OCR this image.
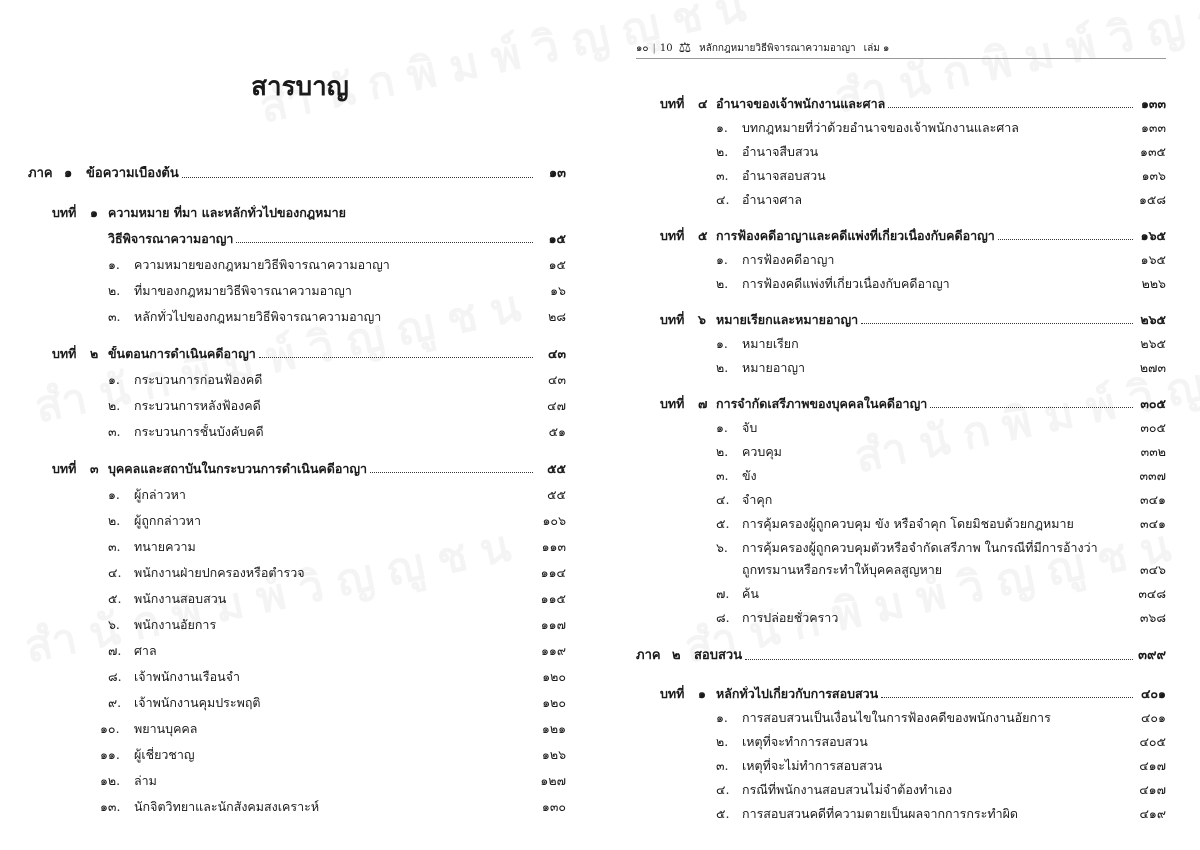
สารบาญ
ภาค ๑	ข้อความเบื้องต้น	๑๓
บทที่	๑ ความหมาย ที่มา และหลักทั่วไปของกฎหมาย
วิธีพิจารณาความอาญา	๑๕
๑.	ความหมายของกฎหมายวิธีพิจารณาความอาญา	๑๕
๒.	ที่มาของกฎหมายวิธีพิจารณาความอาญา	๑๖
๓.	หลักทั่วไปของกฎหมายวิธีพิจารณาความอาญา	๒๘
บทที่	๒ ขั้นตอนการดำเนินคดีอาญา	๔๓
๑.	กระบวนการก่อนฟ้องคดี	๔๓
๒.	กระบวนการหลังฟ้องคดี	๔๗
๓.	กระบวนการชั้นบังคับคดี	๕๑
บทที่	๓ บุคคลและสถาบันในกระบวนการดำเนินคดีอาญา	๕๕
๑.	ผู้กล่าวหา	๕๕
๒.	ผู้ถูกกล่าวหา	๑๐๖
๓.	ทนายความ	๑๑๓
๔.	พนักงานฝ่ายปกครองหรือตำรวจ	๑๑๔
๕.	พนักงานสอบสวน	๑๑๕
๖.	พนักงานอัยการ	๑๑๗
๗.	ศาล	๑๑๙
๘. เจ้าพนักงานเรือนจำ	๑๒๐
๙.	เจ้าพนักงานคุมประพฤติ	๑๒๐
๑๐.	พยานบุคคล	๑๒๑
๑๑.	ผู้เชี่ยวชาญ	๑๒๖
๑๒.	ล่าม	๑๒๗
๑๓.	นักจิตวิทยาและนักสังคมสงเคราะห์	๑๓๐
๑๐ | 10 ⚖ หลักกฎหมายวิธีพิจารณาความอาญา เล่ม ๑
บทที่	๔ อำนาจของเจ้าพนักงานและศาล	๑๓๓
๑.	บทกฎหมายที่ว่าด้วยอำนาจของเจ้าพนักงานและศาล	๑๓๓
๒.	อำนาจสืบสวน	๑๓๕
๓.	อำนาจสอบสวน	๑๓๖
๔.	อำนาจศาล	๑๕๘
บทที่	๕ การฟ้องคดีอาญาและคดีแพ่งที่เกี่ยวเนื่องกับคดีอาญา	๑๖๕
๑.	การฟ้องคดีอาญา	๑๖๕
๒.	การฟ้องคดีแพ่งที่เกี่ยวเนื่องกับคดีอาญา	๒๒๖
บทที่	๖ หมายเรียกและหมายอาญา	๒๖๕
๑.	หมายเรียก	๒๖๕
๒.	หมายอาญา	๒๗๓
บทที่	๗ การจำกัดเสรีภาพของบุคคลในคดีอาญา	๓๐๕
๑.	จับ	๓๐๕
๒.	ควบคุม	๓๓๒
๓.	ขัง	๓๓๗
๔.	จำคุก	๓๔๑
๕.	การคุ้มครองผู้ถูกควบคุม ขัง หรือจำคุก โดยมิชอบด้วยกฎหมาย	๓๔๑
๖.	การคุ้มครองผู้ถูกควบคุมตัวหรือจำกัดเสรีภาพ ในกรณีที่มีการอ้างว่า
ถูกทรมานหรือกระทำให้บุคคลสูญหาย	๓๔๖
๗.	ค้น	๓๔๘
๘. การปล่อยชั่วคราว	๓๖๘
ภาค ๒	สอบสวน	๓๙๙
บทที่	๑ หลักทั่วไปเกี่ยวกับการสอบสวน	๔๐๑
๑.	การสอบสวนเป็นเงื่อนไขในการฟ้องคดีของพนักงานอัยการ	๔๐๑
๒.	เหตุที่จะทำการสอบสวน	๔๐๕
๓.	เหตุที่จะไม่ทำการสอบสวน	๔๑๗
๔.	กรณีที่พนักงานสอบสวนไม่จำต้องทำเอง	๔๑๗
๕.	การสอบสวนคดีที่ความตายเป็นผลจากการกระทำผิด	๔๑๙
